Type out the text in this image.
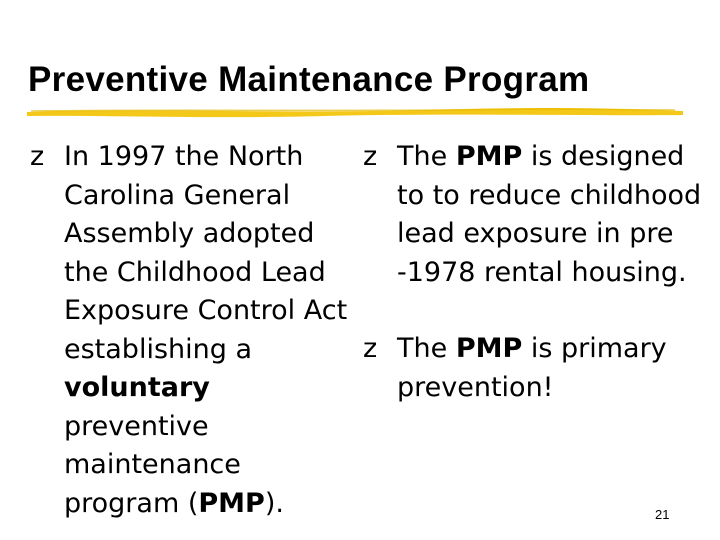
Preventive Maintenance Program
z In 1997 the North Carolina General Assembly adopted the Childhood Lead Exposure Control Act establishing a voluntary preventive maintenance program (PMP).
z The PMP is designed to to reduce childhood lead exposure in pre -1978 rental housing.
z The PMP is primary prevention!
21
